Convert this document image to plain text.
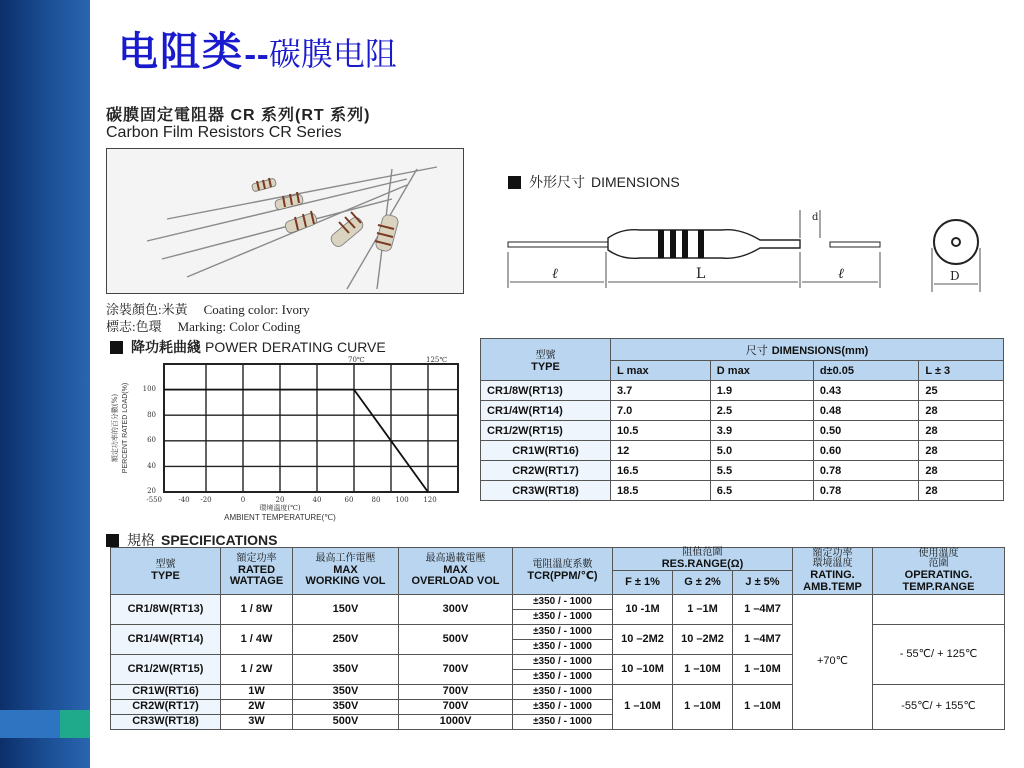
电阻类--碳膜电阻
碳膜固定電阻器 CR 系列(RT 系列)
Carbon Film Resistors CR Series
涂裝顏色:米黃 Coating color: Ivory
標志:色環 Marking: Color Coding
降功耗曲綫 POWER DERATING CURVE
70℃	125℃
100
80
60
40
20
0
-55	-40 -20	0	20	40	60	80 100 120
環境溫度(℃)
AMBIENT TEMPERATURE(℃)
額定功率的百分數(%) PERCENT RATED LOAD(%)
外形尺寸 DIMENSIONS
ℓ	L	ℓ
d
D
型號
TYPE	尺寸 DIMENSIONS(mm)			
	L max	D max	d±0.05	L ± 3
CR1/8W(RT13)	3.7	1.9	0.43	25
CR1/4W(RT14)	7.0	2.5	0.48	28
CR1/2W(RT15)	10.5	3.9	0.50	28
CR1W(RT16)	12	5.0	0.60	28
CR2W(RT17)	16.5	5.5	0.78	28
CR3W(RT18)	18.5	6.5	0.78	28
規格 SPECIFICATIONS
型號
TYPE	額定功率
RATED
WATTAGE	最高工作電壓
MAX
WORKING VOL	最高過載電壓
MAX
OVERLOAD VOL	電阻溫度系數
TCR(PPM/℃)	阻值范圍
RES.RANGE(Ω)			額定功率
環境溫度
RATING.
AMB.TEMP	使用溫度
范圍
OPERATING.
TEMP.RANGE

					F ± 1%	G ± 2%	J ± 5%		
CR1/8W(RT13)	1 / 8W	150V	300V	±350 / - 1000	10 -1M	1 –1M	1 –4M7	+70℃	
				±350 / - 1000					
CR1/4W(RT14)	1 / 4W	250V	500V	±350 / - 1000	10 –2M2	10 –2M2	1 –4M7		- 55℃/ + 125℃
				±350 / - 1000					
CR1/2W(RT15)	1 / 2W	350V	700V	±350 / - 1000	10 –10M	1 –10M	1 –10M		
				±350 / - 1000					
CR1W(RT16)	1W	350V	700V	±350 / - 1000	1 –10M	1 –10M	1 –10M		-55℃/ + 155℃
CR2W(RT17)	2W	350V	700V	±350 / - 1000					
CR3W(RT18)	3W	500V	1000V	±350 / - 1000					
